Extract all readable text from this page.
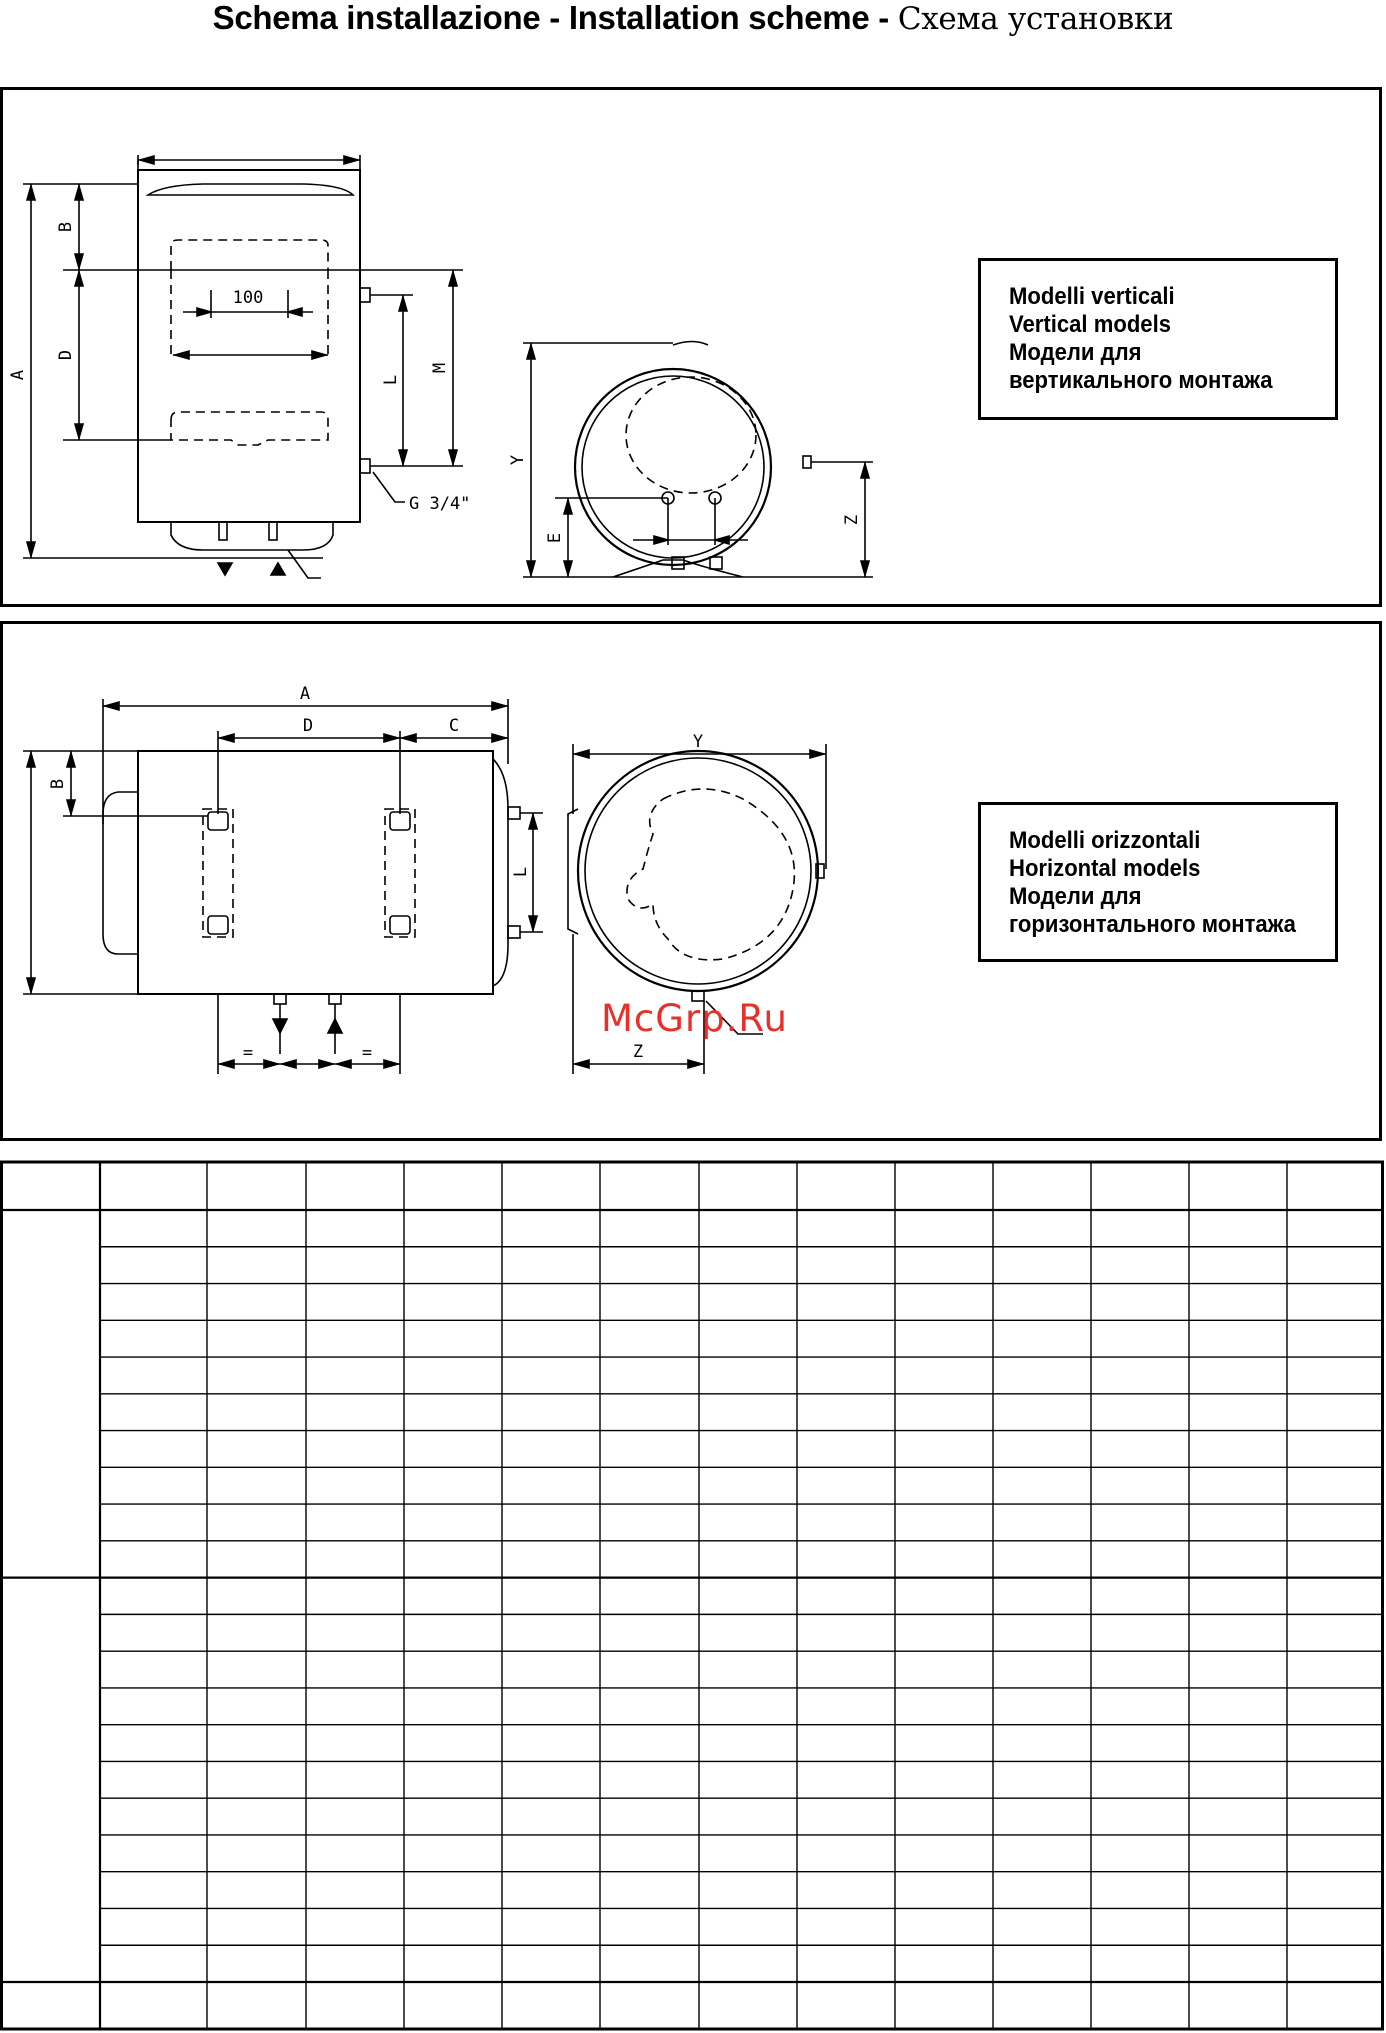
Schema installazione - Installation scheme - Схема установки
A
B
D
100
L
M
G 3/4"
Y
E
Z
Modelli verticali
Vertical models
Модели для
вертикального монтажа
A
D	C
B
L
=	=
Y
Z
Modelli orizzontali
Horizontal models
Модели для
горизонтального монтажа
McGrp.Ru
